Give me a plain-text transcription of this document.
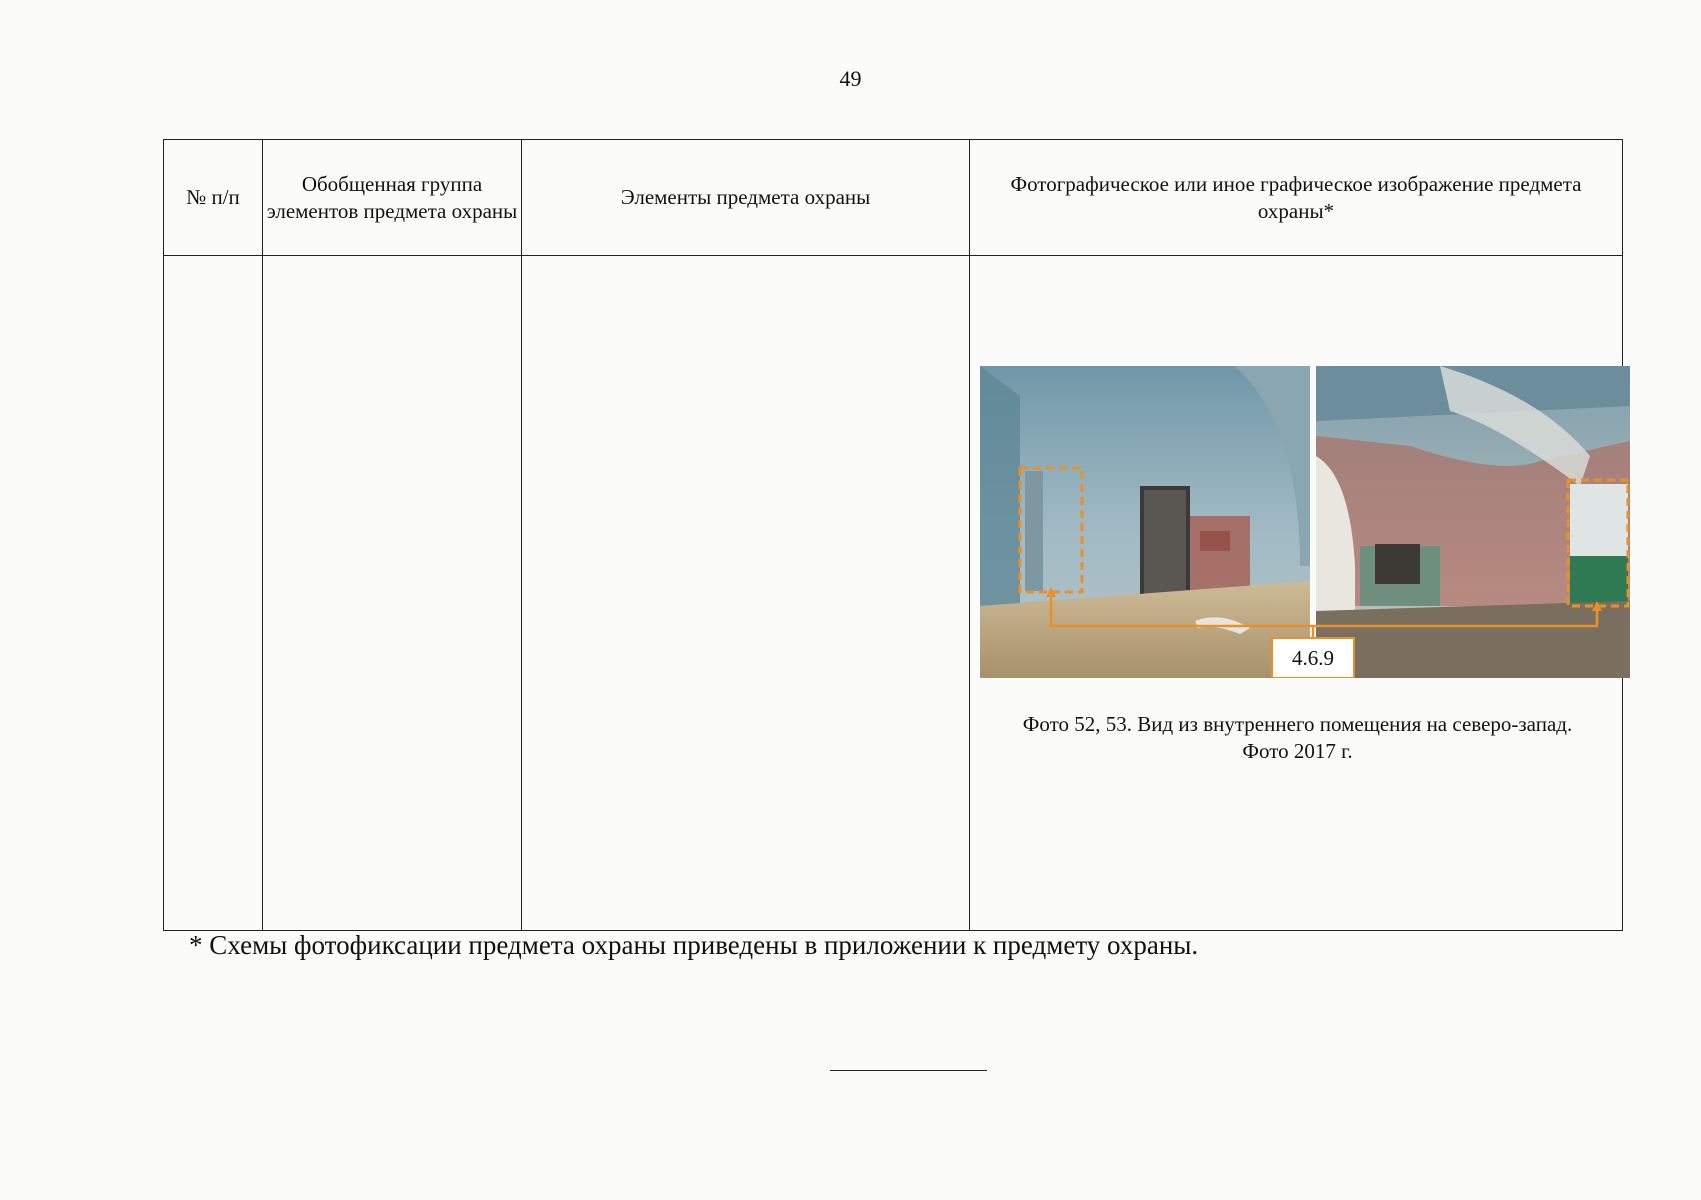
49
№ п/п	Обобщенная группа элементов предмета охраны	Элементы предмета охраны	Фотографическое или иное графическое изображение предмета охраны*

4.6.9
Фото 52, 53. Вид из внутреннего помещения на северо-запад.
Фото 2017 г.
* Схемы фотофиксации предмета охраны приведены в приложении к предмету охраны.
